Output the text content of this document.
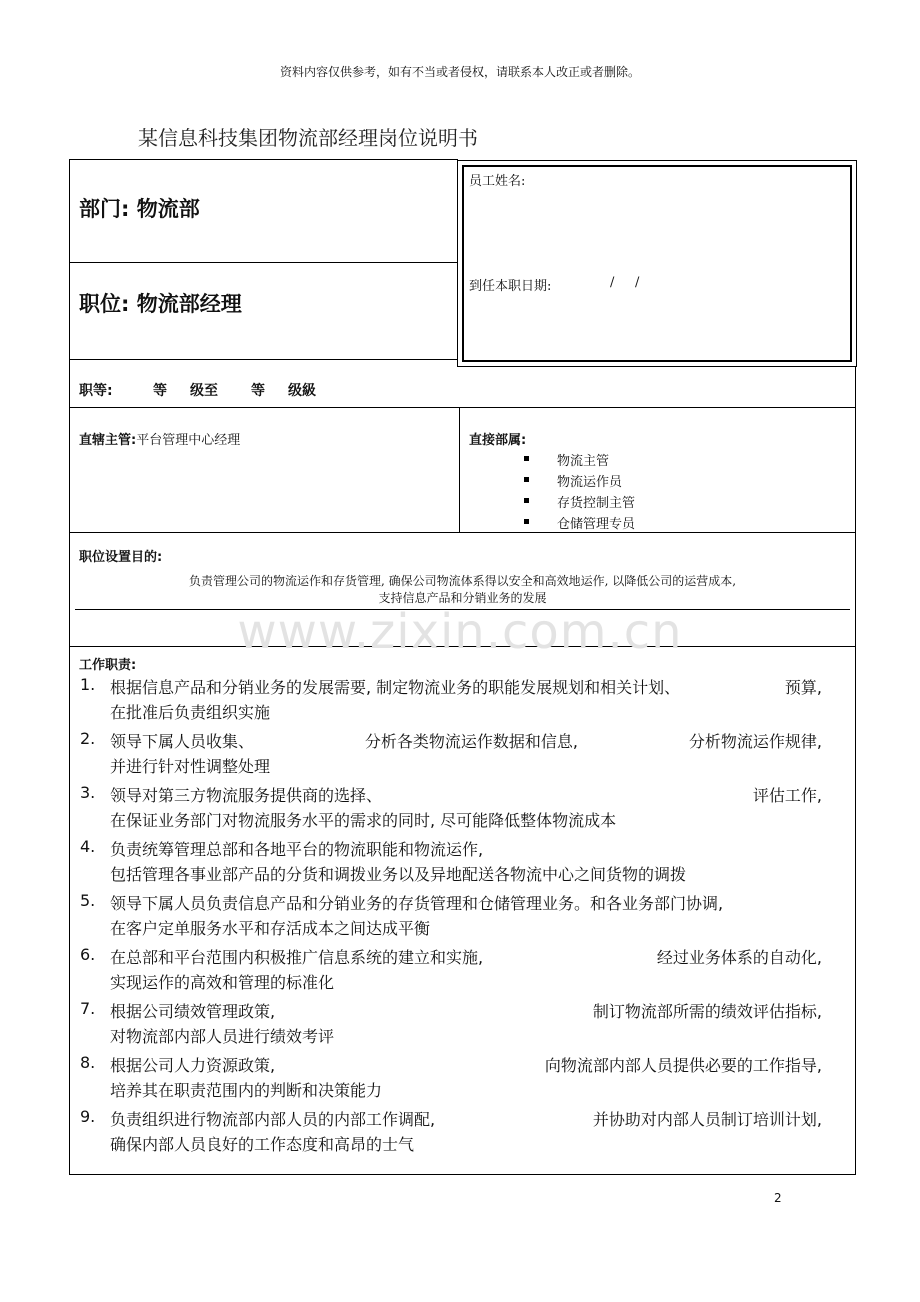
资料内容仅供参考，如有不当或者侵权，请联系本人改正或者删除。
某信息科技集团物流部经理岗位说明书
部门: 物流部
职位: 物流部经理
员工姓名:
到任本职日期:	/ /
职等:	等 级至 等 级級
直辖主管:平台管理中心经理	直接部属:
物流主管
物流运作员
存货控制主管
仓储管理专员
职位设置目的:
负责管理公司的物流运作和存货管理, 确保公司物流体系得以安全和高效地运作, 以降低公司的运营成本,
支持信息产品和分销业务的发展
www.zixin.com.cn
工作职责:
1. 根据信息产品和分销业务的发展需要, 制定物流业务的职能发展规划和相关计划、	预算,
在批准后负责组织实施
2. 领导下属人员收集、	分析各类物流运作数据和信息,	分析物流运作规律,
并进行针对性调整处理
3. 领导对第三方物流服务提供商的选择、	评估工作,
在保证业务部门对物流服务水平的需求的同时, 尽可能降低整体物流成本
4. 负责统筹管理总部和各地平台的物流职能和物流运作,
包括管理各事业部产品的分货和调拨业务以及异地配送各物流中心之间货物的调拨
5. 领导下属人员负责信息产品和分销业务的存货管理和仓储管理业务。和各业务部门协调,
在客户定单服务水平和存活成本之间达成平衡
6. 在总部和平台范围内积极推广信息系统的建立和实施,	经过业务体系的自动化,
实现运作的高效和管理的标准化
7. 根据公司绩效管理政策,	制订物流部所需的绩效评估指标,
对物流部内部人员进行绩效考评
8. 根据公司人力资源政策,	向物流部内部人员提供必要的工作指导,
培养其在职责范围内的判断和决策能力
9. 负责组织进行物流部内部人员的内部工作调配,	并协助对内部人员制订培训计划,
确保内部人员良好的工作态度和高昂的士气
2
